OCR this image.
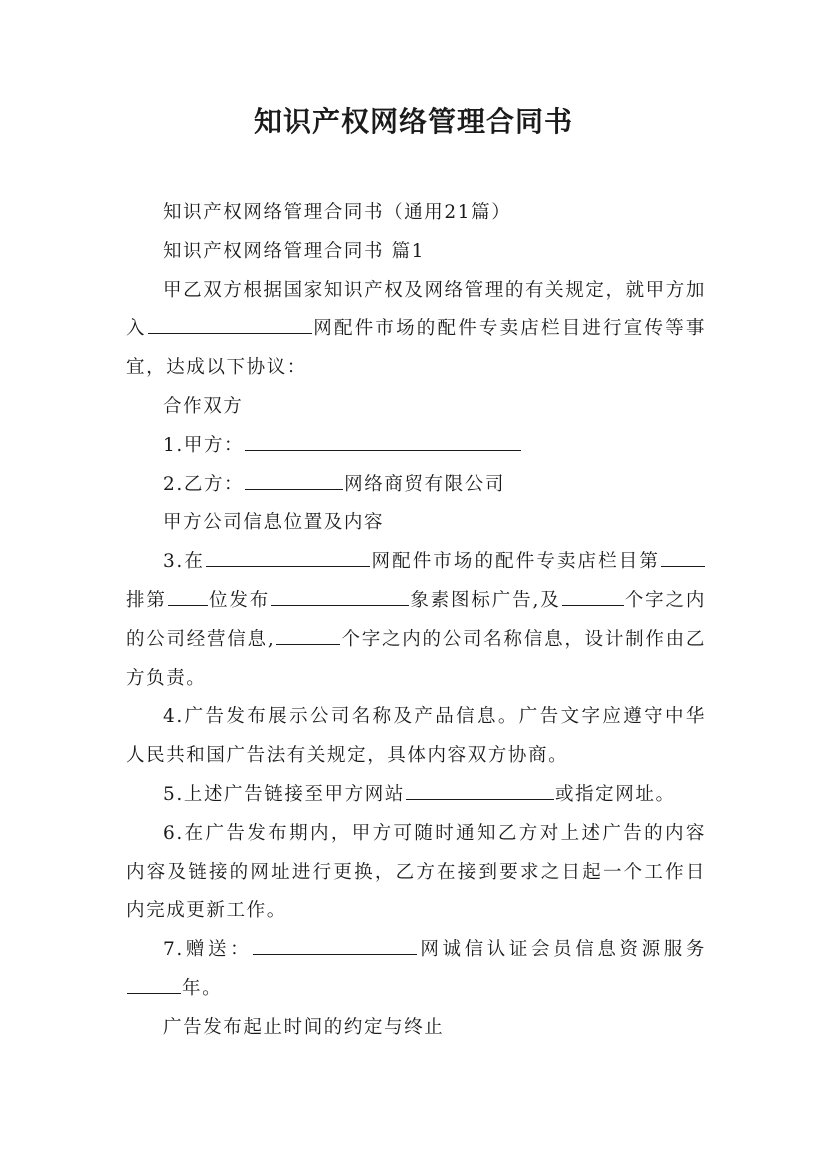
知识产权网络管理合同书

知识产权网络管理合同书（通用21篇）

知识产权网络管理合同书 篇1

甲乙双方根据国家知识产权及网络管理的有关规定，就甲方加入	网配件市场的配件专卖店栏目进行宣传等事宜，达成以下协议：

合作双方

1.甲方：

2.乙方：	网络商贸有限公司

甲方公司信息位置及内容

3.在	网配件市场的配件专卖店栏目第排第 位发布	象素图标广告,及	个字之内的公司经营信息,	个字之内的公司名称信息，设计制作由乙方负责。

4.广告发布展示公司名称及产品信息。广告文字应遵守中华人民共和国广告法有关规定，具体内容双方协商。

5.上述广告链接至甲方网站	或指定网址。

6.在广告发布期内，甲方可随时通知乙方对上述广告的内容内容及链接的网址进行更换，乙方在接到要求之日起一个工作日内完成更新工作。

7.赠送：	网诚信认证会员信息资源服务年。

广告发布起止时间的约定与终止
